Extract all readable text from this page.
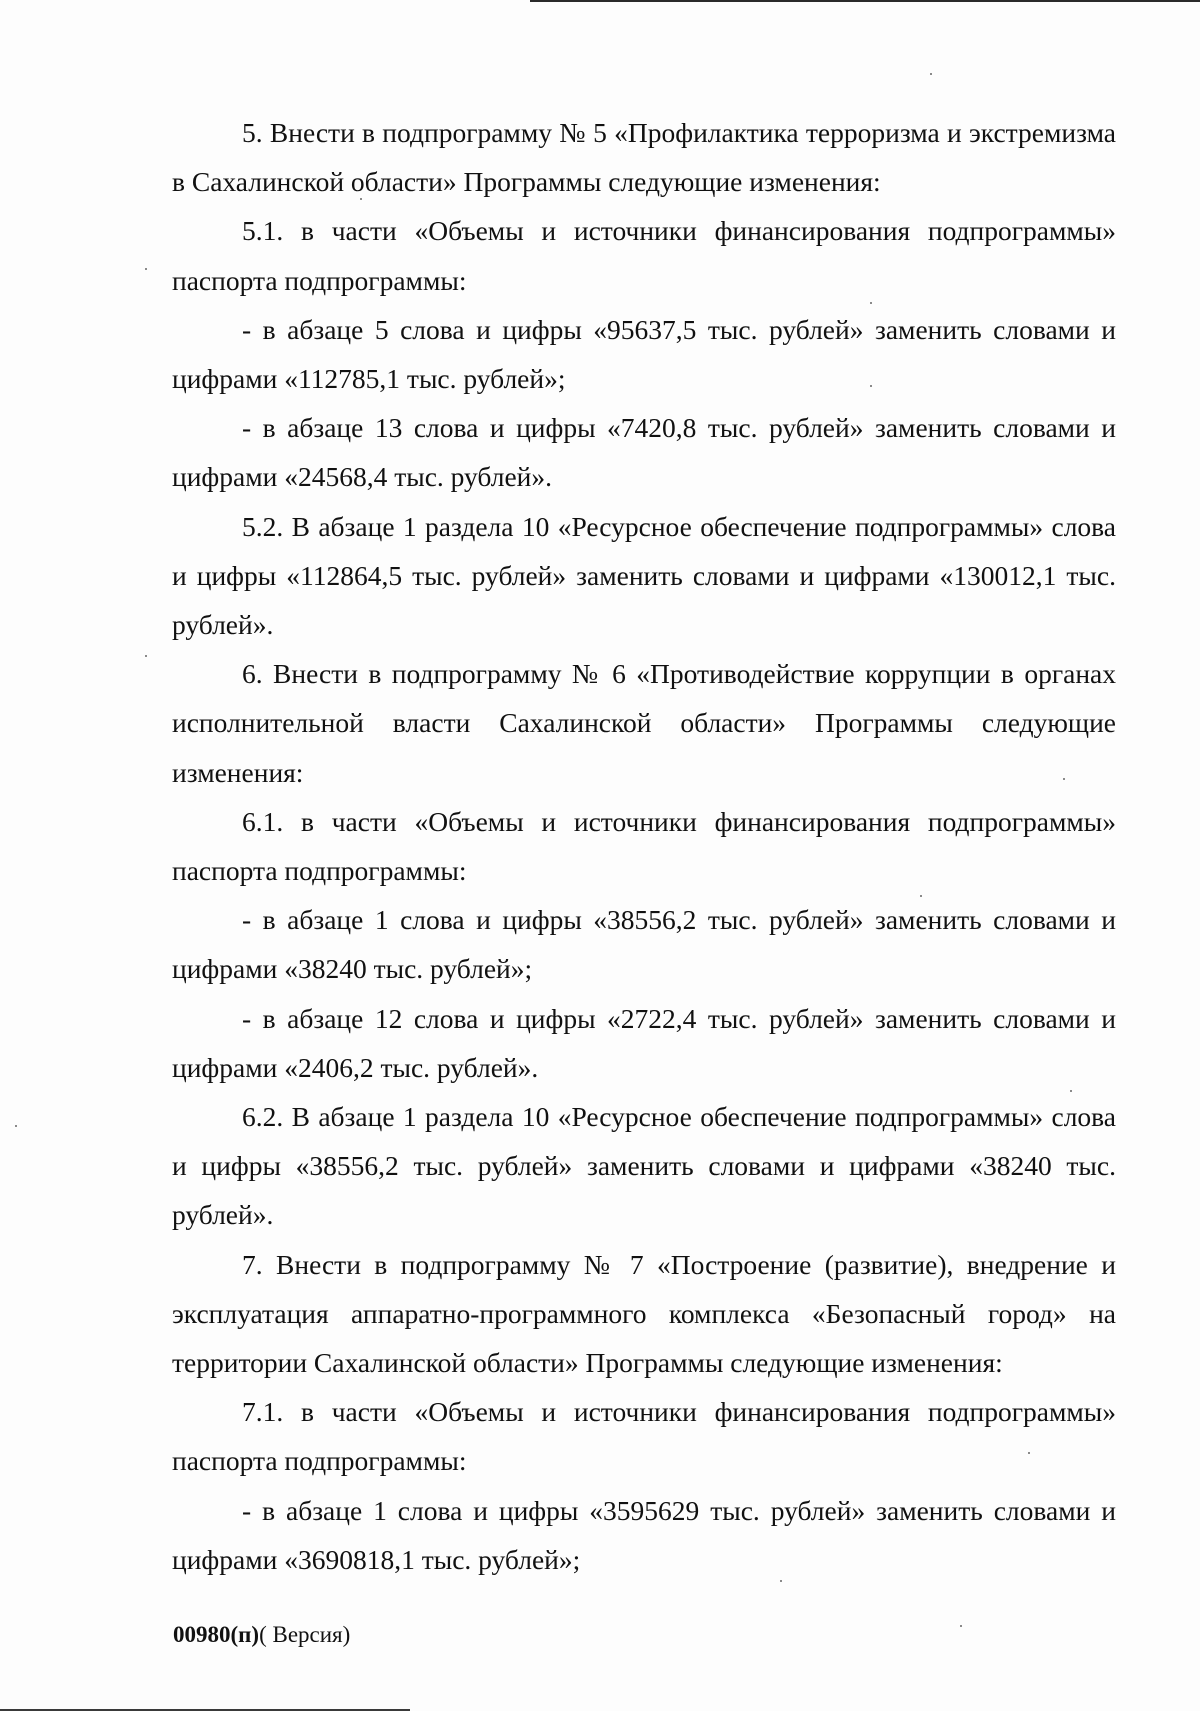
5. Внести в подпрограмму № 5 «Профилактика терроризма и экстремизма в Сахалинской области» Программы следующие изменения:

5.1. в части «Объемы и источники финансирования подпрограммы» паспорта подпрограммы:

- в абзаце 5 слова и цифры «95637,5 тыс. рублей» заменить словами и цифрами «112785,1 тыс. рублей»;

- в абзаце 13 слова и цифры «7420,8 тыс. рублей» заменить словами и цифрами «24568,4 тыс. рублей».

5.2. В абзаце 1 раздела 10 «Ресурсное обеспечение подпрограммы» слова и цифры «112864,5 тыс. рублей» заменить словами и цифрами «130012,1 тыс. рублей».

6. Внести в подпрограмму № 6 «Противодействие коррупции в органах исполнительной власти Сахалинской области» Программы следующие изменения:

6.1. в части «Объемы и источники финансирования подпрограммы» паспорта подпрограммы:

- в абзаце 1 слова и цифры «38556,2 тыс. рублей» заменить словами и цифрами «38240 тыс. рублей»;

- в абзаце 12 слова и цифры «2722,4 тыс. рублей» заменить словами и цифрами «2406,2 тыс. рублей».

6.2. В абзаце 1 раздела 10 «Ресурсное обеспечение подпрограммы» слова и цифры «38556,2 тыс. рублей» заменить словами и цифрами «38240 тыс. рублей».

7. Внести в подпрограмму № 7 «Построение (развитие), внедрение и эксплуатация аппаратно-программного комплекса «Безопасный город» на территории Сахалинской области» Программы следующие изменения:

7.1. в части «Объемы и источники финансирования подпрограммы» паспорта подпрограммы:

- в абзаце 1 слова и цифры «3595629 тыс. рублей» заменить словами и цифрами «3690818,1 тыс. рублей»;

00980(п)( Версия)
